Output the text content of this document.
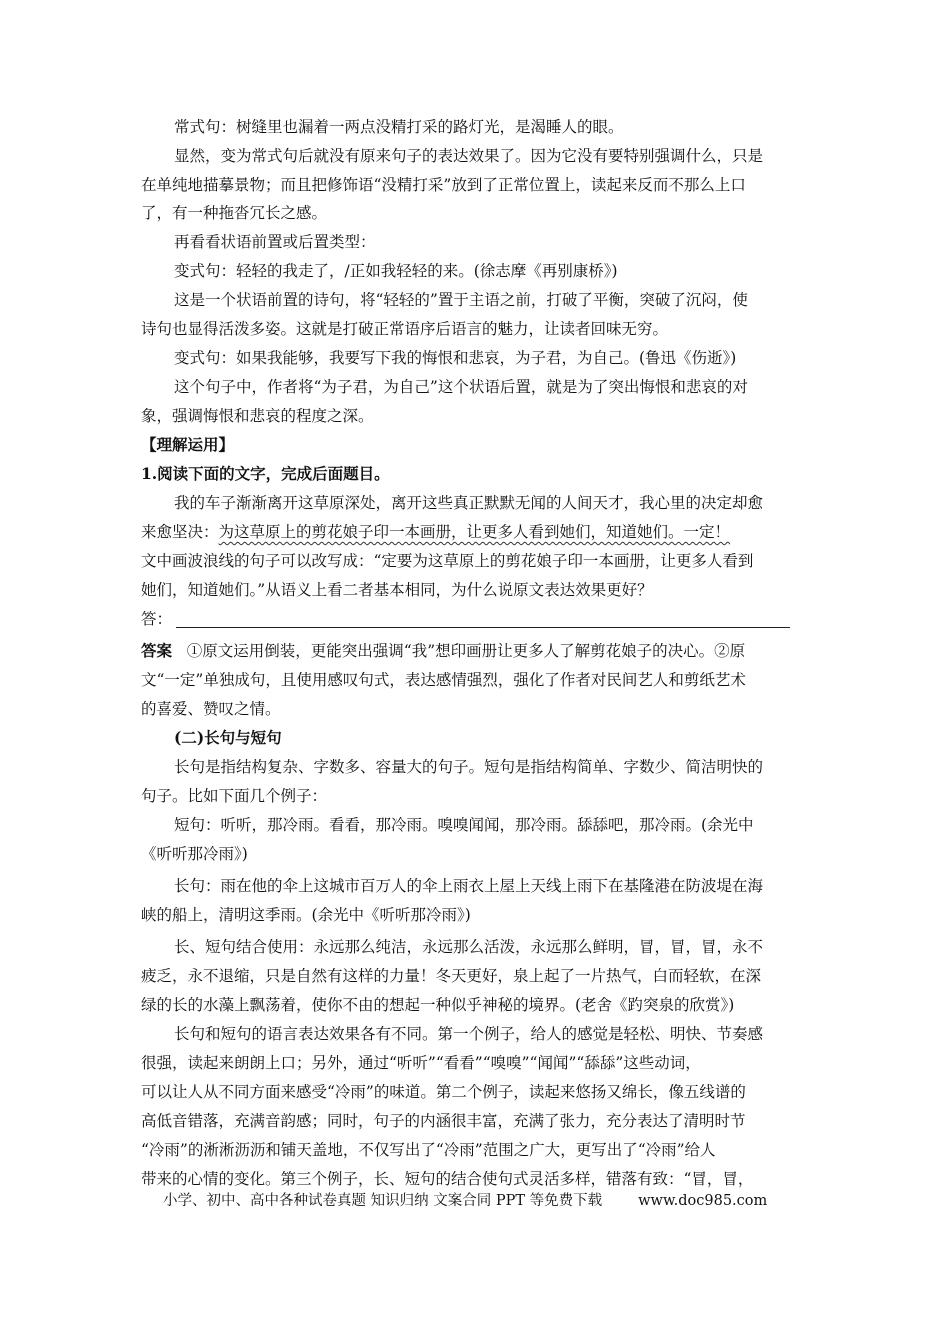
常式句：树缝里也漏着一两点没精打采的路灯光，是渴睡人的眼。
显然，变为常式句后就没有原来句子的表达效果了。因为它没有要特别强调什么，只是
在单纯地描摹景物；而且把修饰语“没精打采”放到了正常位置上，读起来反而不那么上口
了，有一种拖沓冗长之感。
再看看状语前置或后置类型：
变式句：轻轻的我走了，/正如我轻轻的来。(徐志摩《再别康桥》)
这是一个状语前置的诗句，将“轻轻的”置于主语之前，打破了平衡，突破了沉闷，使
诗句也显得活泼多姿。这就是打破正常语序后语言的魅力，让读者回味无穷。
变式句：如果我能够，我要写下我的悔恨和悲哀，为子君，为自己。(鲁迅《伤逝》)
这个句子中，作者将“为子君，为自己”这个状语后置，就是为了突出悔恨和悲哀的对
象，强调悔恨和悲哀的程度之深。
【理解运用】
1.阅读下面的文字，完成后面题目。
我的车子渐渐离开这草原深处，离开这些真正默默无闻的人间天才，我心里的决定却愈
来愈坚决：为这草原上的剪花娘子印一本画册，让更多人看到她们，知道她们。一定！
文中画波浪线的句子可以改写成：“定要为这草原上的剪花娘子印一本画册，让更多人看到
她们，知道她们。”从语义上看二者基本相同，为什么说原文表达效果更好？
答：
答案 ①原文运用倒装，更能突出强调“我”想印画册让更多人了解剪花娘子的决心。②原
文“一定”单独成句，且使用感叹句式，表达感情强烈，强化了作者对民间艺人和剪纸艺术
的喜爱、赞叹之情。
(二)长句与短句
长句是指结构复杂、字数多、容量大的句子。短句是指结构简单、字数少、简洁明快的
句子。比如下面几个例子：
短句：听听，那冷雨。看看，那冷雨。嗅嗅闻闻，那冷雨。舔舔吧，那冷雨。(余光中
《听听那冷雨》)
长句：雨在他的伞上这城市百万人的伞上雨衣上屋上天线上雨下在基隆港在防波堤在海
峡的船上，清明这季雨。(余光中《听听那冷雨》)
长、短句结合使用：永远那么纯洁，永远那么活泼，永远那么鲜明，冒，冒，冒，永不
疲乏，永不退缩，只是自然有这样的力量！冬天更好，泉上起了一片热气，白而轻软，在深
绿的长的水藻上飘荡着，使你不由的想起一种似乎神秘的境界。(老舍《趵突泉的欣赏》)
长句和短句的语言表达效果各有不同。第一个例子，给人的感觉是轻松、明快、节奏感
很强，读起来朗朗上口；另外，通过“听听”“看看”“嗅嗅”“闻闻”“舔舔”这些动词，
可以让人从不同方面来感受“冷雨”的味道。第二个例子，读起来悠扬又绵长，像五线谱的
高低音错落，充满音韵感；同时，句子的内涵很丰富，充满了张力，充分表达了清明时节
“冷雨”的淅淅沥沥和铺天盖地，不仅写出了“冷雨”范围之广大，更写出了“冷雨”给人
带来的心情的变化。第三个例子，长、短句的结合使句式灵活多样，错落有致：“冒，冒，
小学、初中、高中各种试卷真题 知识归纳 文案合同 PPT 等免费下载 www.doc985.com
